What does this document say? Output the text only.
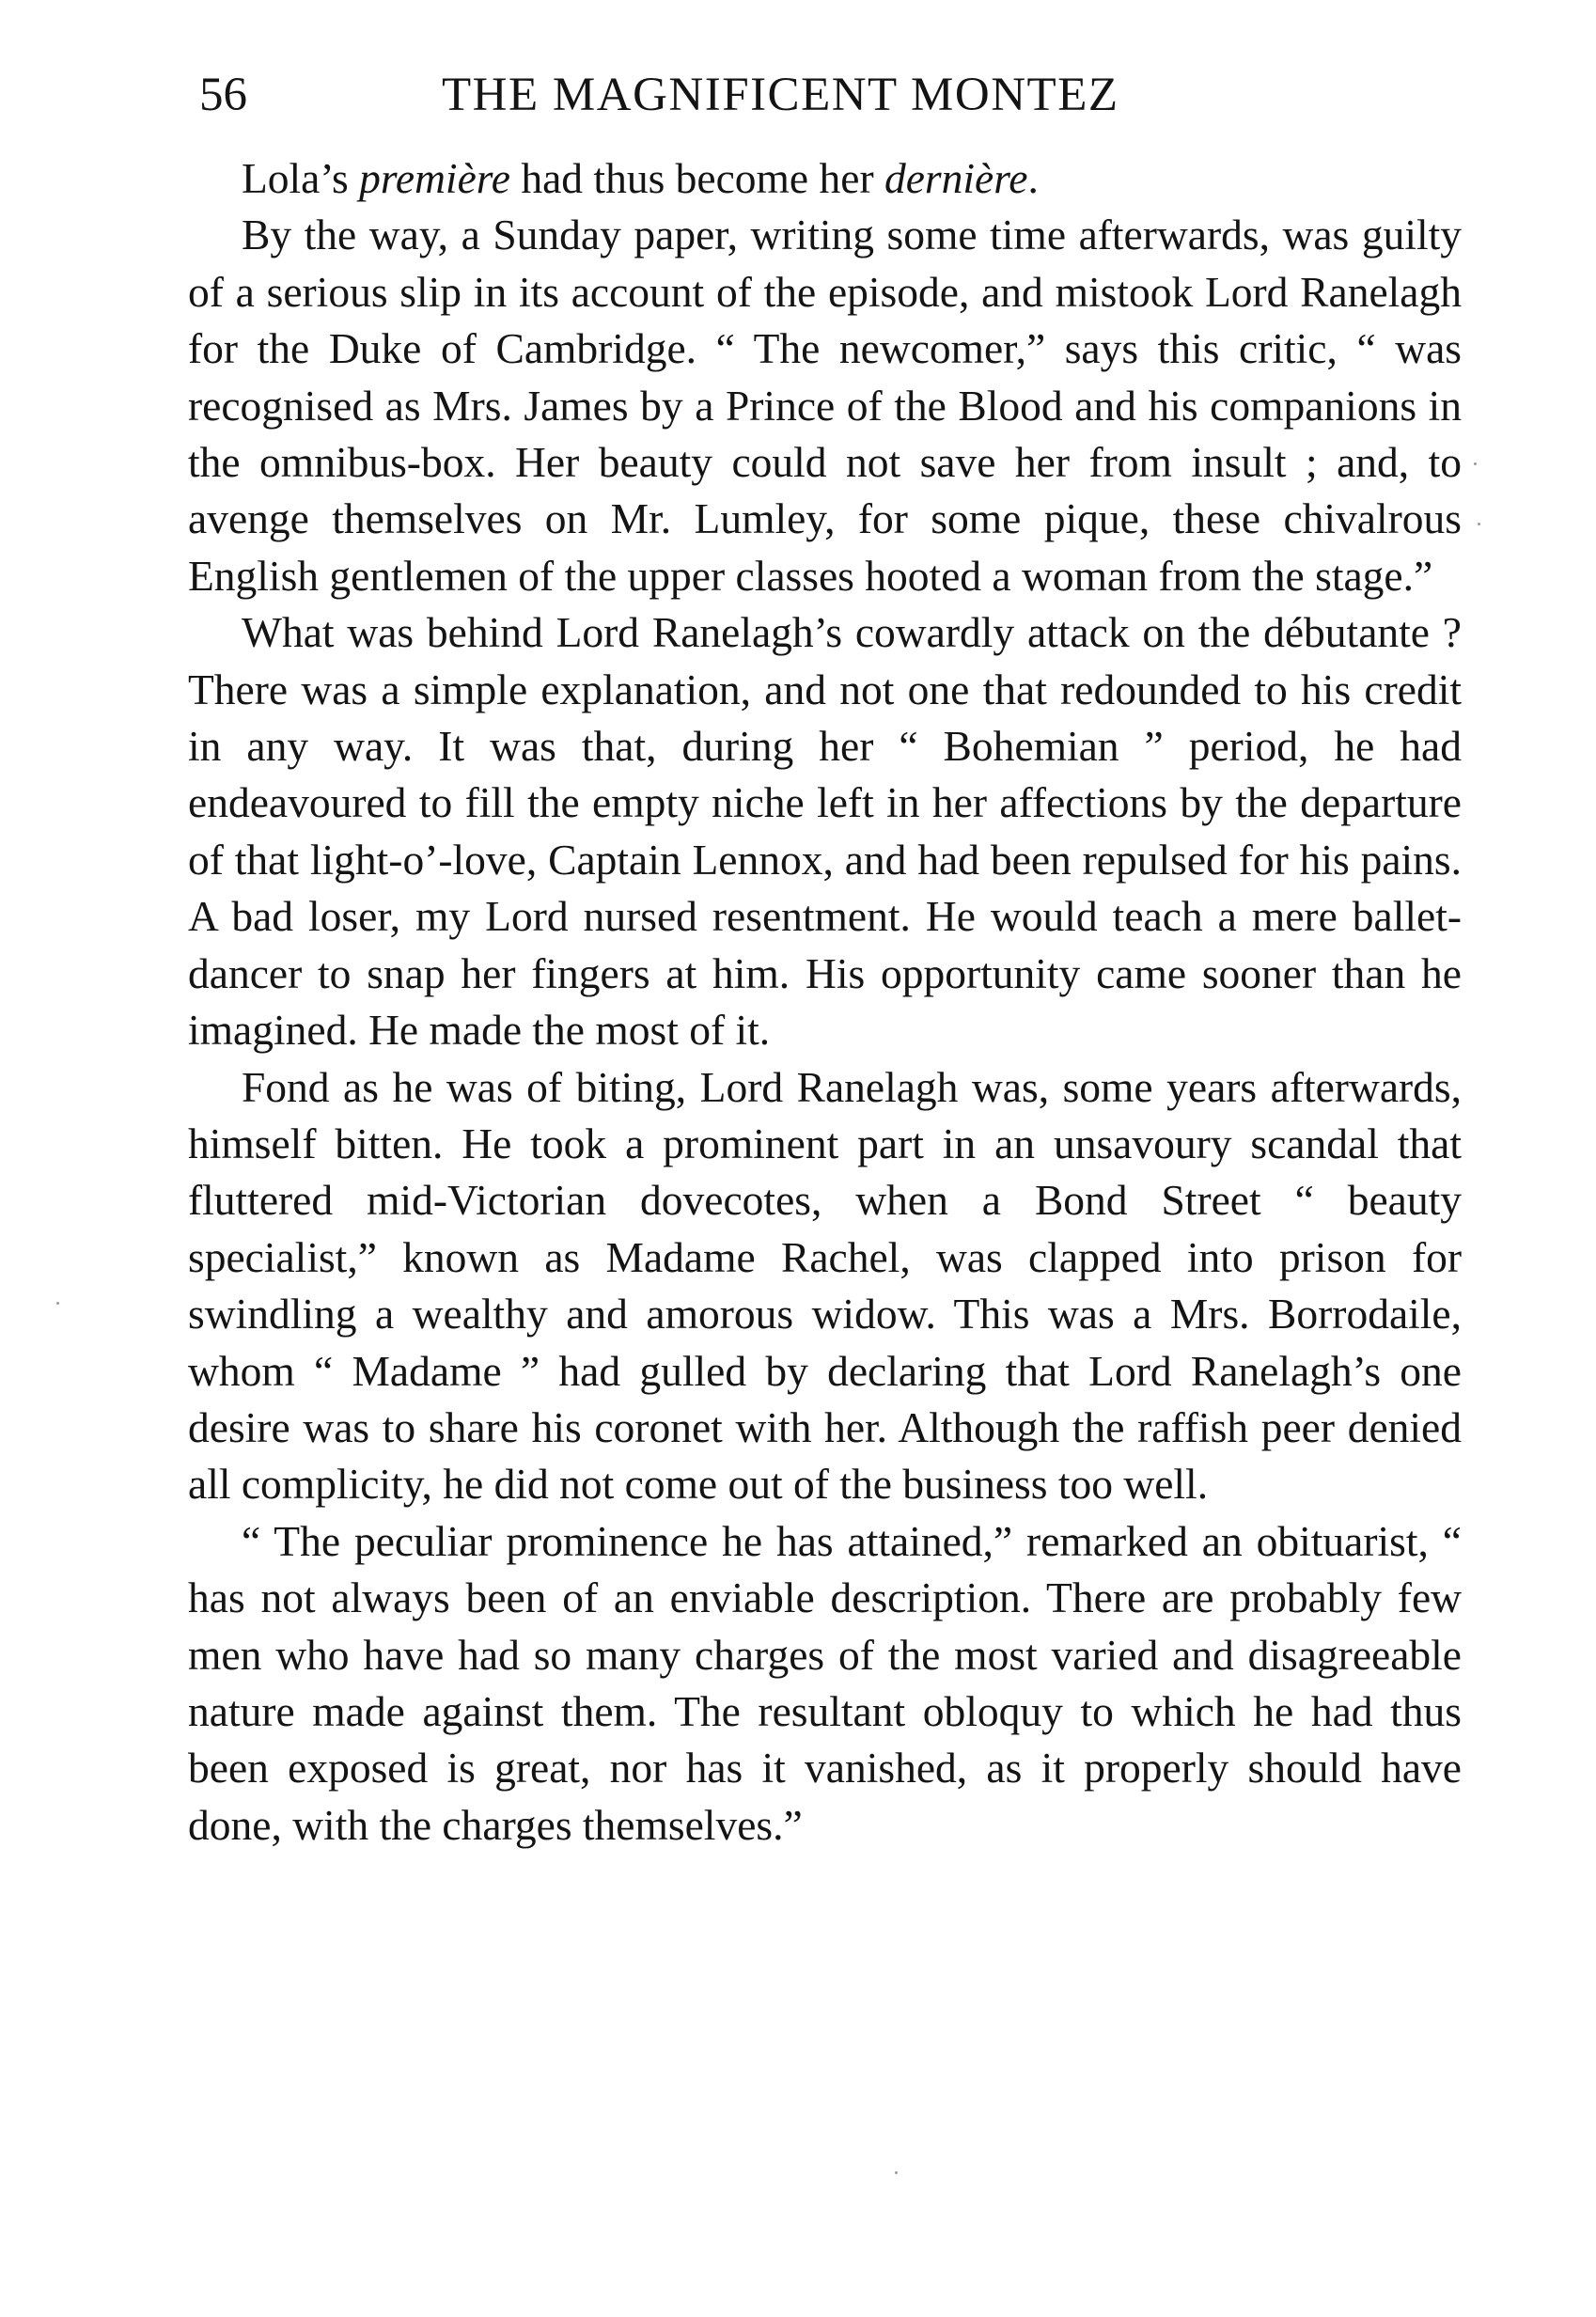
56	THE MAGNIFICENT MONTEZ

Lola’s première had thus become her dernière.

By the way, a Sunday paper, writing some time afterwards, was guilty of a serious slip in its account of the episode, and mistook Lord Ranelagh for the Duke of Cambridge. “ The newcomer,” says this critic, “ was recognised as Mrs. James by a Prince of the Blood and his companions in the omnibus-box. Her beauty could not save her from insult ; and, to avenge themselves on Mr. Lumley, for some pique, these chivalrous English gentlemen of the upper classes hooted a woman from the stage.”

What was behind Lord Ranelagh’s cowardly attack on the débutante ? There was a simple explanation, and not one that redounded to his credit in any way. It was that, during her “ Bohemian ” period, he had endeavoured to fill the empty niche left in her affections by the departure of that light-o’-love, Captain Lennox, and had been repulsed for his pains. A bad loser, my Lord nursed resentment. He would teach a mere ballet-dancer to snap her fingers at him. His opportunity came sooner than he imagined. He made the most of it.

Fond as he was of biting, Lord Ranelagh was, some years afterwards, himself bitten. He took a prominent part in an unsavoury scandal that fluttered mid-Victorian dovecotes, when a Bond Street “ beauty specialist,” known as Madame Rachel, was clapped into prison for swindling a wealthy and amorous widow. This was a Mrs. Borrodaile, whom “ Madame ” had gulled by declaring that Lord Ranelagh’s one desire was to share his coronet with her. Although the raffish peer denied all complicity, he did not come out of the business too well.

“ The peculiar prominence he has attained,” remarked an obituarist, “ has not always been of an enviable description. There are probably few men who have had so many charges of the most varied and disagreeable nature made against them. The resultant obloquy to which he had thus been exposed is great, nor has it vanished, as it properly should have done, with the charges themselves.”
